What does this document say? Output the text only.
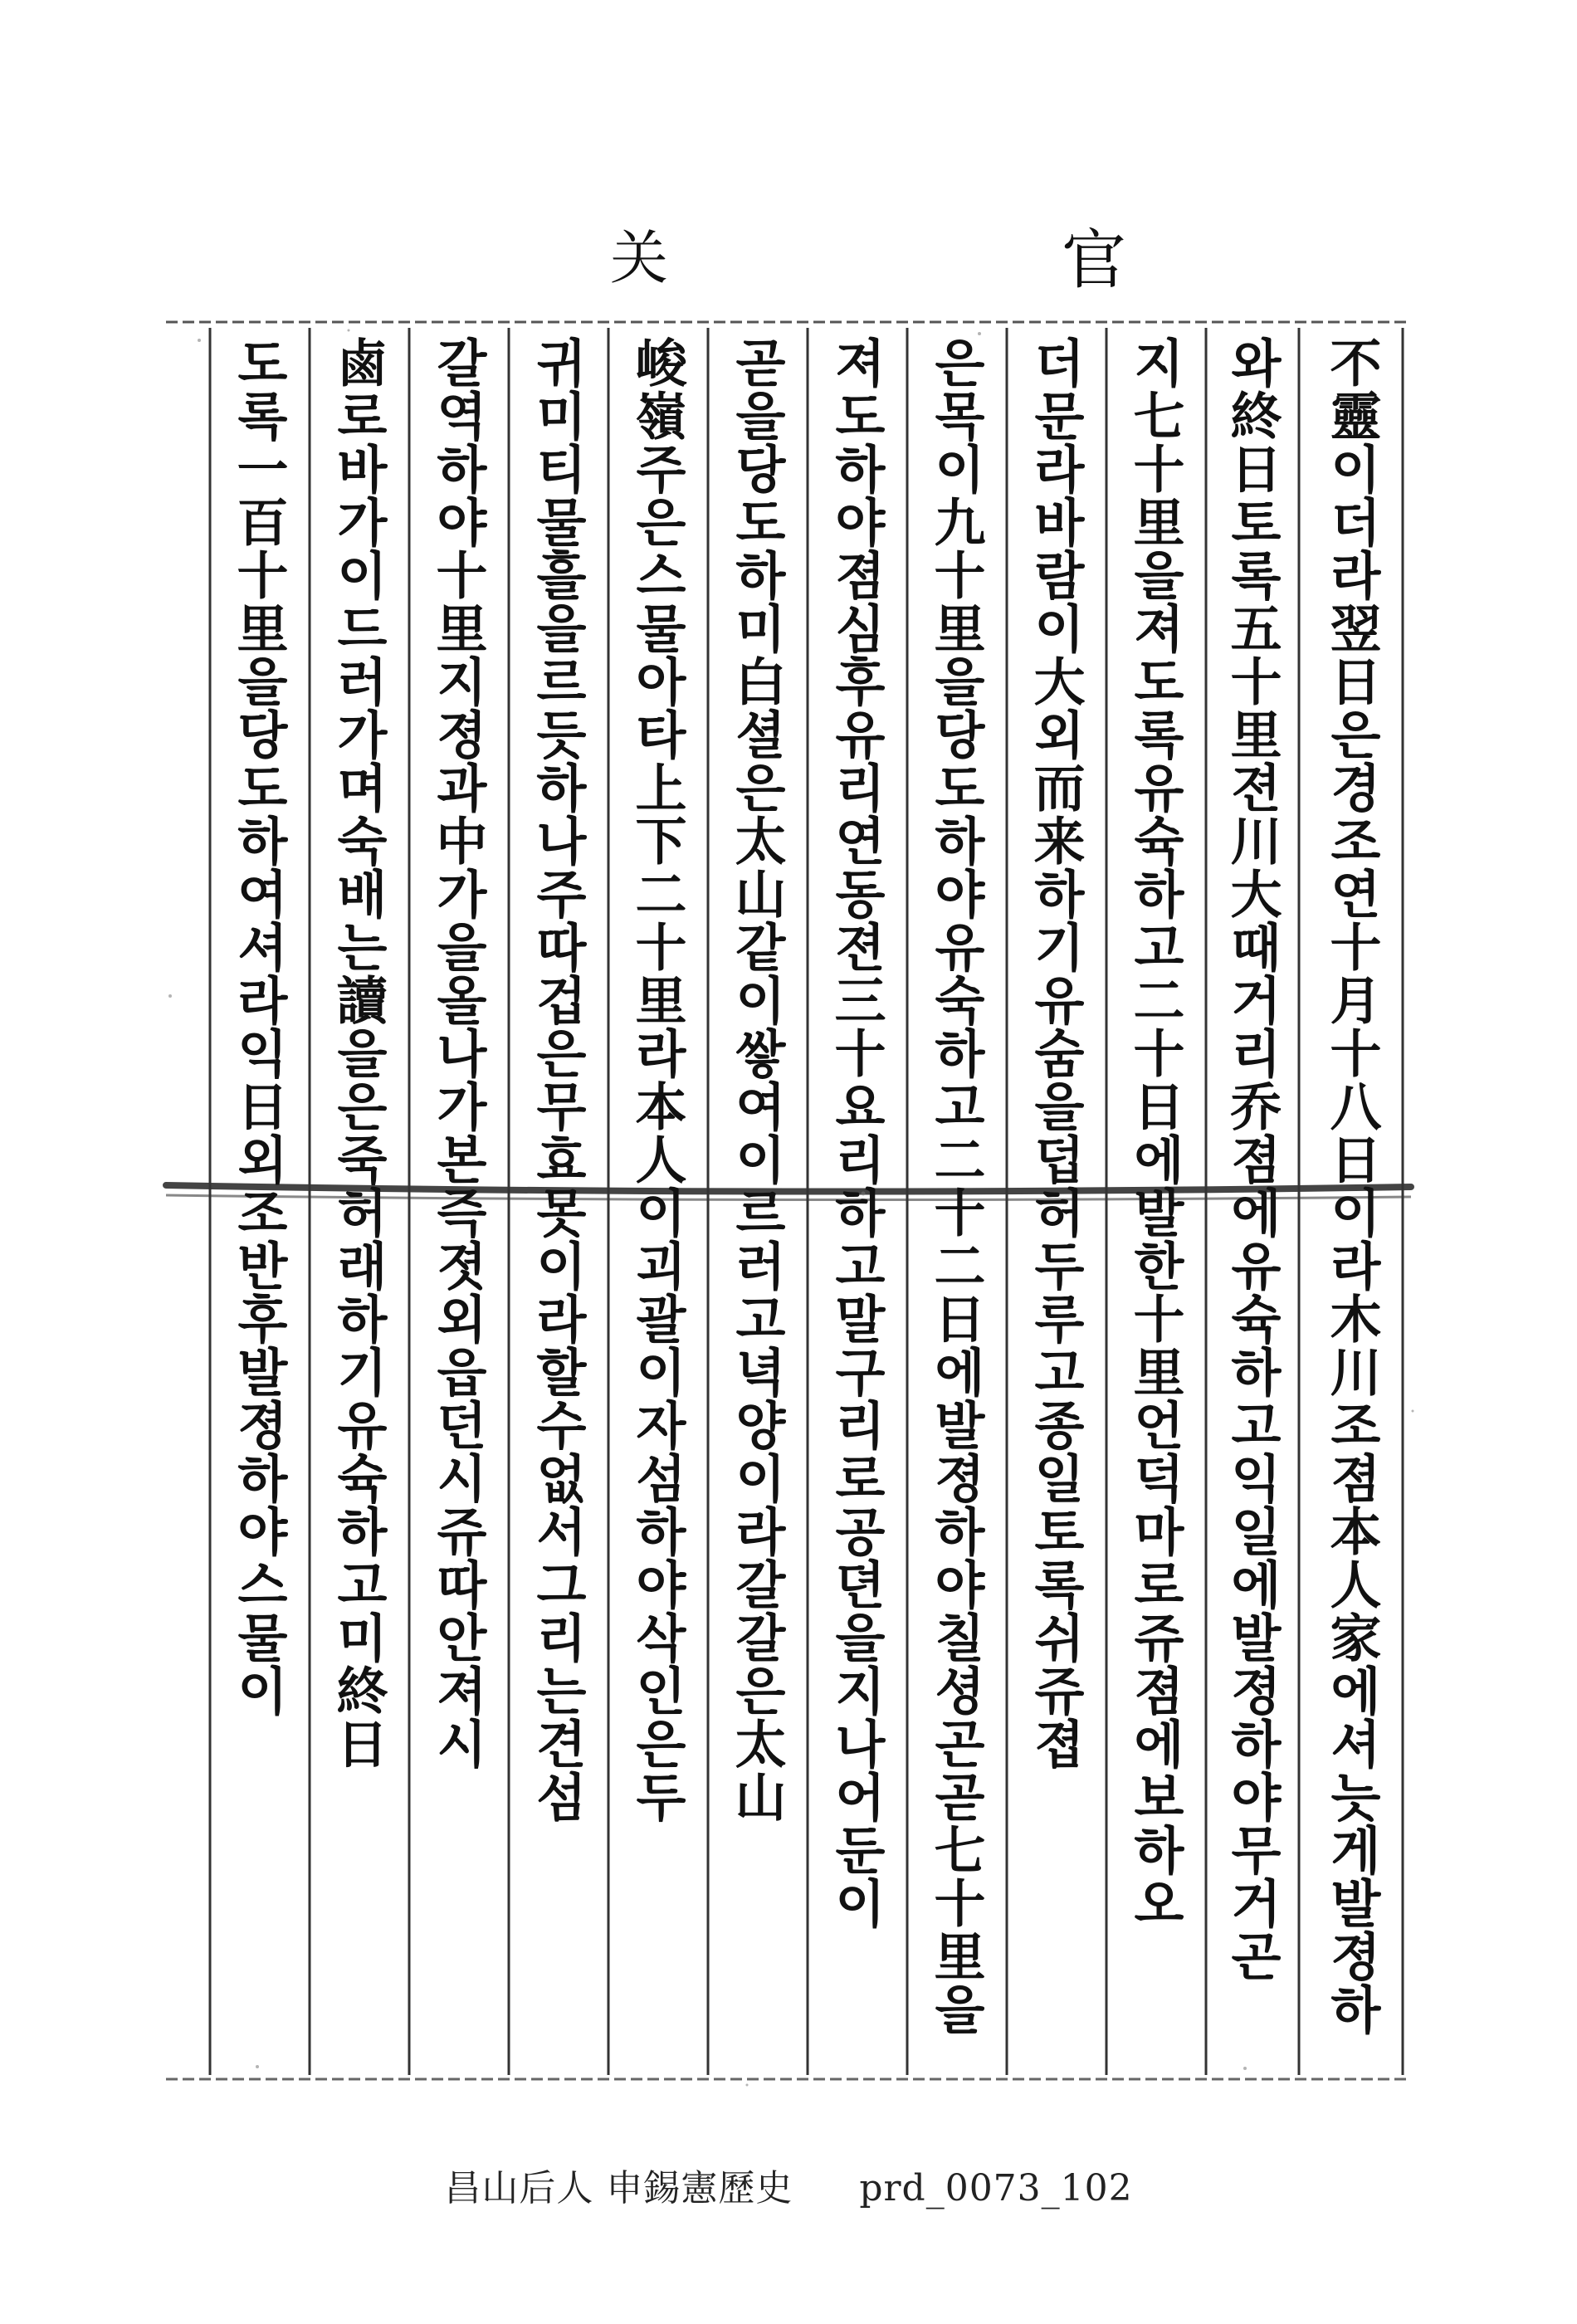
关	官
不靈이더라翌日은경조연十月十八日이라木川조졈本人家에셔늣게발졍하
와終日토록五十里젼川大때거리乔졈에유슉하고익일에발졍하야무거곤
지七十里을져도록유슉하고二十日에발한十里언덕마로쥬졈에보하오
더문라바람이大외而来하기유숨을덥허두루고종일토록쉬쥬졉
은목이九十里을당도하야유숙하고二十二日에발졍하야칠셩곤곧七十里을
져도하야졈심후유리연동젼三十요리하고말구리로공뎐을지나어둔이
곧을당도하미白셜은太山같이쌓여이르러고녁양이라갈갈은太山
峻嶺주은스물아타上下二十里라本人이괴괄이자섬하야삭인은두
귀미티물흘을르듯하나주따겁은무효못이라할수없서그리는견섬
갈역하야十里지졍과中가을올나가본즉졋외읍던시쥬따안져시
鹵로바가이드러가며숙배는讀을은죽허래하기유슉하고미終日
도록一百十里을당도하여셔라익日외조반후발졍하야스물이
昌山后人 申錫憲歷史 prd_0073_102
